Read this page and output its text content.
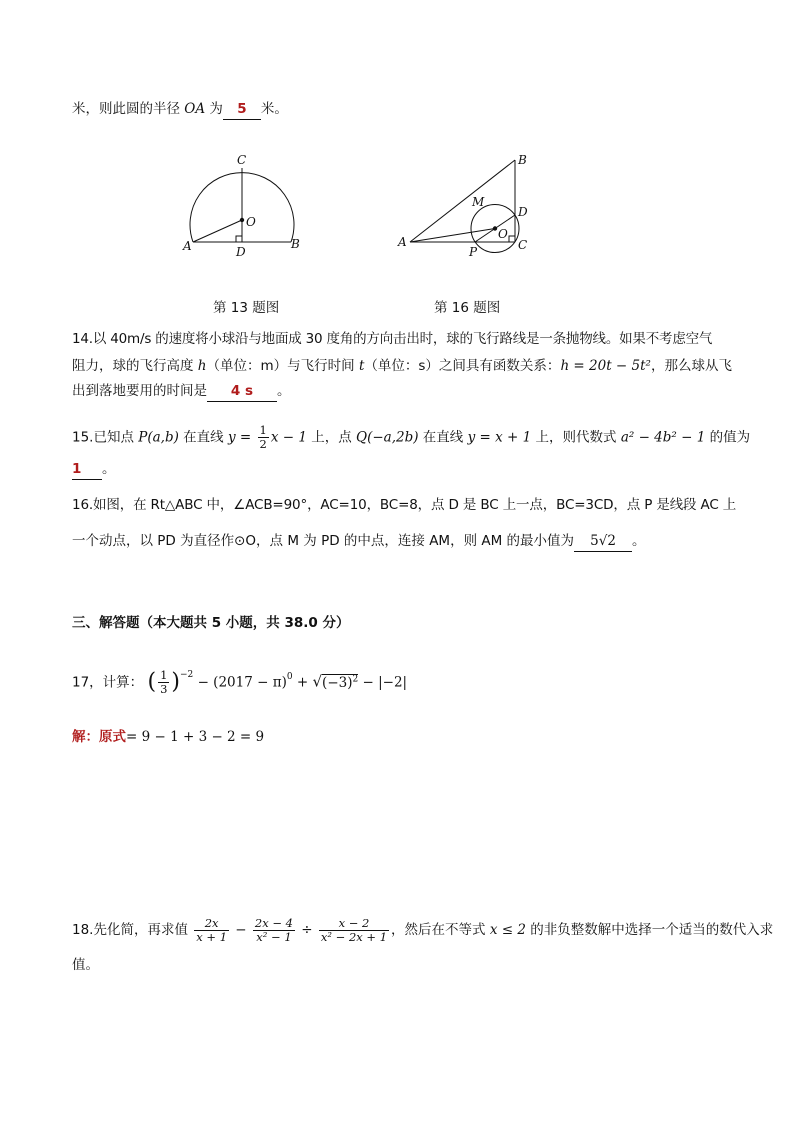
米，则此圆的半径 OA 为 5 米。
C
O
A	D
B
第 13 题图
B
M
D
A
O
P	C
第 16 题图
14.以 40m/s 的速度将小球沿与地面成 30 度角的方向击出时，球的飞行路线是一条抛物线。如果不考虑空气
阻力，球的飞行高度 h（单位：m）与飞行时间 t（单位：s）之间具有函数关系：h = 20t − 5t²，那么球从飞
出到落地要用的时间是 4 s 。
15.已知点 P(a,b) 在直线 $y = \frac{1}{2}$ x − 1 上，点 Q(−a,2b) 在直线 y = x + 1 上，则代数式 a² − 4b² − 1 的值为
1 。
16.如图，在 Rt△ABC 中，∠ACB=90°，AC=10，BC=8，点 D 是 BC 上一点，BC=3CD，点 P 是线段 AC 上
一个动点，以 PD 为直径作⊙O，点 M 为 PD 的中点，连接 AM，则 AM 的最小值为 5√2 。
三、解答题（本大题共 5 小题，共 38.0 分）
17，计算： ( $\frac{1}{3} )^{-2} - (2017 - \pi)^0 + √(-3)^2 - |-2|$
解：原式= 9 − 1 + 3 − 2 = 9
18.先化简，再求值 $\frac{2x}{x + 1} - \frac{2x - 4}{\text{x² − 1}} \div \frac{x - 2}{\text{x² − 2x + 1}}$ ，然后在不等式 x ≤ 2 的非负整数解中选择一个适当的数代入求
值。
